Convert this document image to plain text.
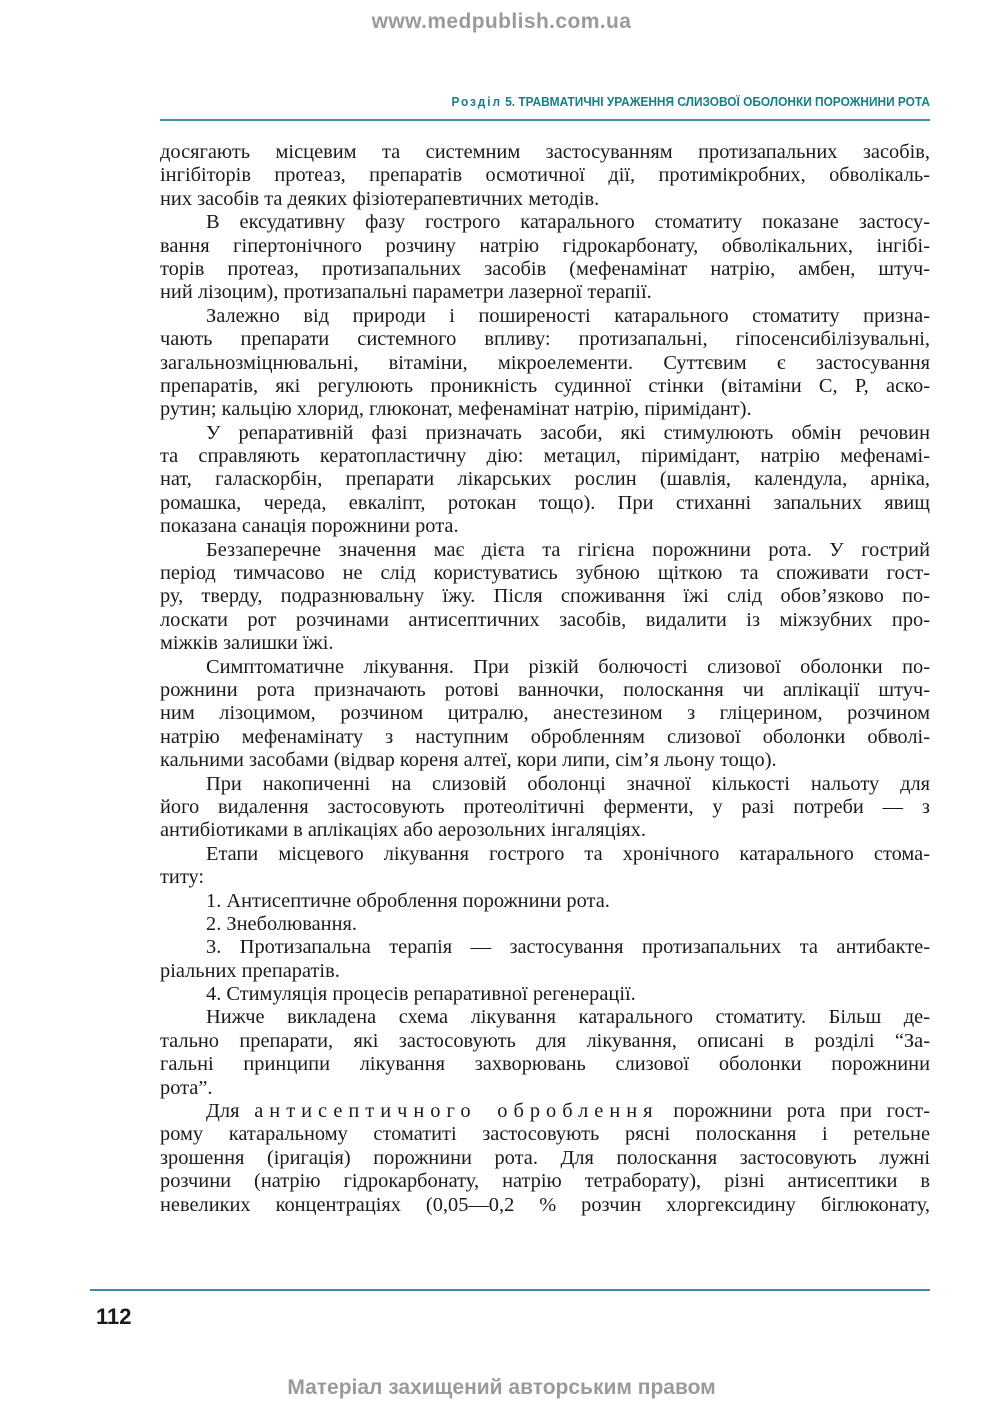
www.medpublish.com.ua
Розділ 5. ТРАВМАТИЧНІ УРАЖЕННЯ СЛИЗОВОЇ ОБОЛОНКИ ПОРОЖНИНИ РОТА
досягають місцевим та системним застосуванням протизапальних засобів,
інгібіторів протеаз, препаратів осмотичної дії, протимікробних, обволікаль-
них засобів та деяких фізіотерапевтичних методів.
В ексудативну фазу гострого катарального стоматиту показане застосу-
вання гіпертонічного розчину натрію гідрокарбонату, обволікальних, інгібі-
торів протеаз, протизапальних засобів (мефенамінат натрію, амбен, штуч-
ний лізоцим), протизапальні параметри лазерної терапії.
Залежно від природи і поширеності катарального стоматиту призна-
чають препарати системного впливу: протизапальні, гіпосенсибілізувальні,
загальнозміцнювальні, вітаміни, мікроелементи. Суттєвим є застосування
препаратів, які регулюють проникність судинної стінки (вітаміни С, Р, аско-
рутин; кальцію хлорид, глюконат, мефенамінат натрію, піримідант).
У репаративній фазі призначать засоби, які стимулюють обмін речовин
та справляють кератопластичну дію: метацил, піримідант, натрію мефенамі-
нат, галаскорбін, препарати лікарських рослин (шавлія, календула, арніка,
ромашка, череда, евкаліпт, ротокан тощо). При стиханні запальних явищ
показана санація порожнини рота.
Беззаперечне значення має дієта та гігієна порожнини рота. У гострий
період тимчасово не слід користуватись зубною щіткою та споживати гост-
ру, тверду, подразнювальну їжу. Після споживання їжі слід обов’язково по-
лоскати рот розчинами антисептичних засобів, видалити із міжзубних про-
міжків залишки їжі.
Симптоматичне лікування. При різкій болючості слизової оболонки по-
рожнини рота призначають ротові ванночки, полоскання чи аплікації штуч-
ним лізоцимом, розчином цитралю, анестезином з гліцерином, розчином
натрію мефенамінату з наступним обробленням слизової оболонки обволі-
кальними засобами (відвар кореня алтеї, кори липи, сім’я льону тощо).
При накопиченні на слизовій оболонці значної кількості нальоту для
його видалення застосовують протеолітичні ферменти, у разі потреби — з
антибіотиками в аплікаціях або аерозольних інгаляціях.
Етапи місцевого лікування гострого та хронічного катарального стома-
титу:
1. Антисептичне оброблення порожнини рота.
2. Знеболювання.
3. Протизапальна терапія — застосування протизапальних та антибакте-
ріальних препаратів.
4. Стимуляція процесів репаративної регенерації.
Нижче викладена схема лікування катарального стоматиту. Більш де-
тально препарати, які застосовують для лікування, описані в розділі “За-
гальні принципи лікування захворювань слизової оболонки порожнини
рота”.
Для антисептичного оброблення порожнини рота при гост-
рому катаральному стоматиті застосовують рясні полоскання і ретельне
зрошення (іригація) порожнини рота. Для полоскання застосовують лужні
розчини (натрію гідрокарбонату, натрію тетраборату), різні антисептики в
невеликих концентраціях (0,05—0,2 % розчин хлоргексидину біглюконату,
112
Матеріал захищений авторським правом
